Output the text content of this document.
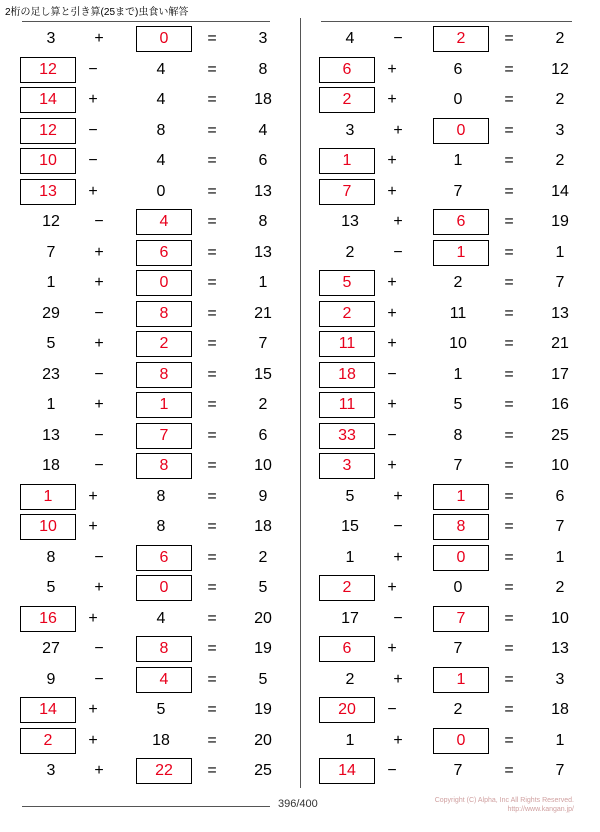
2桁の足し算と引き算(25まで)虫食い解答
3	+	0	=	3
12	−	4	=	8
14	+	4	=	18
12	−	8	=	4
10	−	4	=	6
13	+	0	=	13
12	−	4	=	8
7	+	6	=	13
1	+	0	=	1
29	−	8	=	21
5	+	2	=	7
23	−	8	=	15
1	+	1	=	2
13	−	7	=	6
18	−	8	=	10
1	+	8	=	9
10	+	8	=	18
8	−	6	=	2
5	+	0	=	5
16	+	4	=	20
27	−	8	=	19
9	−	4	=	5
14	+	5	=	19
2	+	18	=	20
3	+	22	=	25
4	−	2	=	2
6	+	6	=	12
2	+	0	=	2
3	+	0	=	3
1	+	1	=	2
7	+	7	=	14
13	+	6	=	19
2	−	1	=	1
5	+	2	=	7
2	+	11	=	13
11	+	10	=	21
18	−	1	=	17
11	+	5	=	16
33	−	8	=	25
3	+	7	=	10
5	+	1	=	6
15	−	8	=	7
1	+	0	=	1
2	+	0	=	2
17	−	7	=	10
6	+	7	=	13
2	+	1	=	3
20	−	2	=	18
1	+	0	=	1
14	−	7	=	7
396/400	Copyright (C) Alpha, Inc All Rights Reserved.
http://www.kangan.jp/
